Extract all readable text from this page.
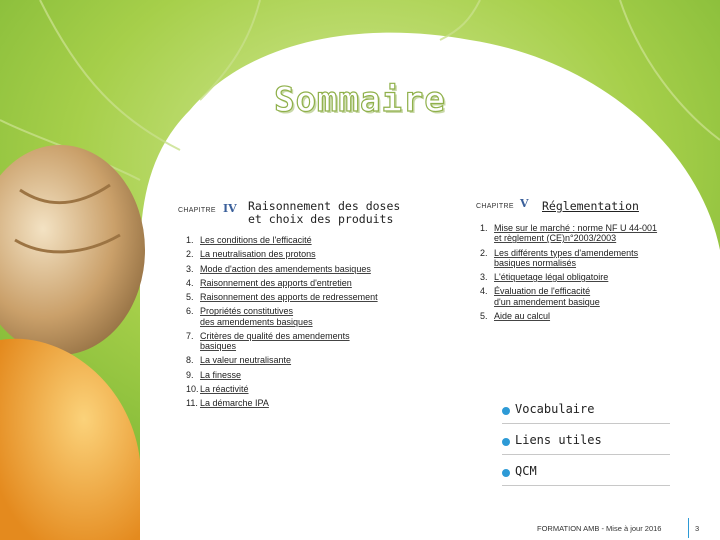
Sommaire
CHAPITRE IV Raisonnement des doses
et choix des produits
1. Les conditions de l'efficacité
2. La neutralisation des protons
3. Mode d'action des amendements basiques
4. Raisonnement des apports d'entretien
5. Raisonnement des apports de redressement
6. Propriétés constitutives
des amendements basiques
7. Critères de qualité des amendements
basiques
8. La valeur neutralisante
9. La finesse
10. La réactivité
11. La démarche IPA
CHAPITRE V Réglementation
1. Mise sur le marché : norme NF U 44-001
et règlement (CE)n°2003/2003
2. Les différents types d'amendements
basiques normalisés
3. L'étiquetage légal obligatoire
4. Évaluation de l'efficacité
d'un amendement basique
5. Aide au calcul
Vocabulaire
Liens utiles
QCM
FORMATION AMB - Mise à jour 2016	3
